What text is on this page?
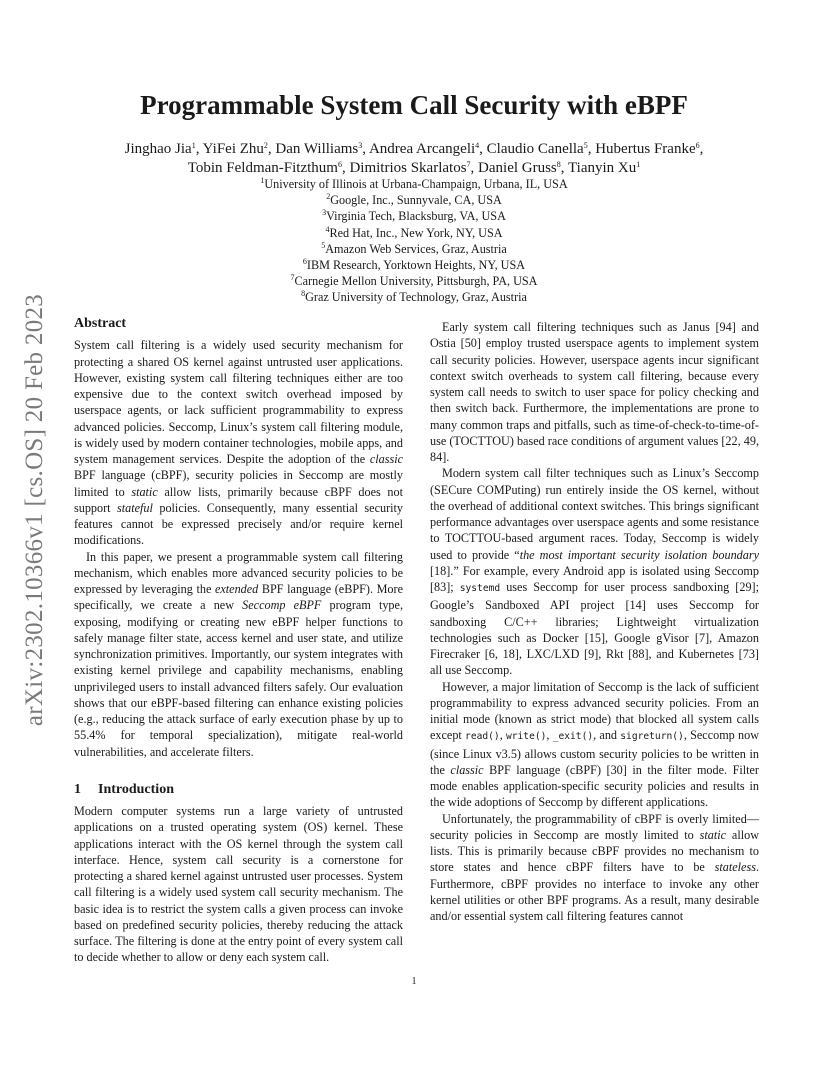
arXiv:2302.10366v1 [cs.OS] 20 Feb 2023
Programmable System Call Security with eBPF
Jinghao Jia$^1$, YiFei Zhu$^2$, Dan Williams$^3$, Andrea Arcangeli$^4$, Claudio Canella$^5$, Hubertus Franke$^6$,
Tobin Feldman-Fitzthum$^6$, Dimitrios Skarlatos$^7$, Daniel Gruss$^8$, Tianyin Xu$^1$
$^1$University of Illinois at Urbana-Champaign, Urbana, IL, USA
$^2$Google, Inc., Sunnyvale, CA, USA
$^3$Virginia Tech, Blacksburg, VA, USA
$^4$Red Hat, Inc., New York, NY, USA
$^5$Amazon Web Services, Graz, Austria
$^6$IBM Research, Yorktown Heights, NY, USA
$^7$Carnegie Mellon University, Pittsburgh, PA, USA
$^8$Graz University of Technology, Graz, Austria
Abstract

System call filtering is a widely used security mechanism for protecting a shared OS kernel against untrusted user applications. However, existing system call filtering techniques either are too expensive due to the context switch overhead imposed by userspace agents, or lack sufficient programmability to express advanced policies. Seccomp, Linux’s system call filtering module, is widely used by modern container technologies, mobile apps, and system management services. Despite the adoption of the classic BPF language (cBPF), security policies in Seccomp are mostly limited to static allow lists, primarily because cBPF does not support stateful policies. Consequently, many essential security features cannot be expressed precisely and/or require kernel modifications.

In this paper, we present a programmable system call filtering mechanism, which enables more advanced security policies to be expressed by leveraging the extended BPF language (eBPF). More specifically, we create a new Seccomp eBPF program type, exposing, modifying or creating new eBPF helper functions to safely manage filter state, access kernel and user state, and utilize synchronization primitives. Importantly, our system integrates with existing kernel privilege and capability mechanisms, enabling unprivileged users to install advanced filters safely. Our evaluation shows that our eBPF-based filtering can enhance existing policies (e.g., reducing the attack surface of early execution phase by up to 55.4% for temporal specialization), mitigate real-world vulnerabilities, and accelerate filters.

1 Introduction

Modern computer systems run a large variety of untrusted applications on a trusted operating system (OS) kernel. These applications interact with the OS kernel through the system call interface. Hence, system call security is a cornerstone for protecting a shared kernel against untrusted user processes. System call filtering is a widely used system call security mechanism. The basic idea is to restrict the system calls a given process can invoke based on predefined security policies, thereby reducing the attack surface. The filtering is done at the entry point of every system call to decide whether to allow or deny each system call.

Early system call filtering techniques such as Janus [94] and Ostia [50] employ trusted userspace agents to implement system call security policies. However, userspace agents incur significant context switch overheads to system call filtering, because every system call needs to switch to user space for policy checking and then switch back. Furthermore, the implementations are prone to many common traps and pitfalls, such as time-of-check-to-time-of-use (TOCTTOU) based race conditions of argument values [22, 49, 84].

Modern system call filter techniques such as Linux’s Seccomp (SECure COMPuting) run entirely inside the OS kernel, without the overhead of additional context switches. This brings significant performance advantages over userspace agents and some resistance to TOCTTOU-based argument races. Today, Seccomp is widely used to provide “the most important security isolation boundary [18].” For example, every Android app is isolated using Seccomp [83]; systemd uses Seccomp for user process sandboxing [29]; Google’s Sandboxed API project [14] uses Seccomp for sandboxing C/C++ libraries; Lightweight virtualization technologies such as Docker [15], Google gVisor [7], Amazon Firecraker [6, 18], LXC/LXD [9], Rkt [88], and Kubernetes [73] all use Seccomp.

However, a major limitation of Seccomp is the lack of sufficient programmability to express advanced security policies. From an initial mode (known as strict mode) that blocked all system calls except read(), write(), _exit(), and sigreturn(), Seccomp now (since Linux v3.5) allows custom security policies to be written in the classic BPF language (cBPF) [30] in the filter mode. Filter mode enables application-specific security policies and results in the wide adoptions of Seccomp by different applications.

Unfortunately, the programmability of cBPF is overly limited—security policies in Seccomp are mostly limited to static allow lists. This is primarily because cBPF provides no mechanism to store states and hence cBPF filters have to be stateless. Furthermore, cBPF provides no interface to invoke any other kernel utilities or other BPF programs. As a result, many desirable and/or essential system call filtering features cannot

1
